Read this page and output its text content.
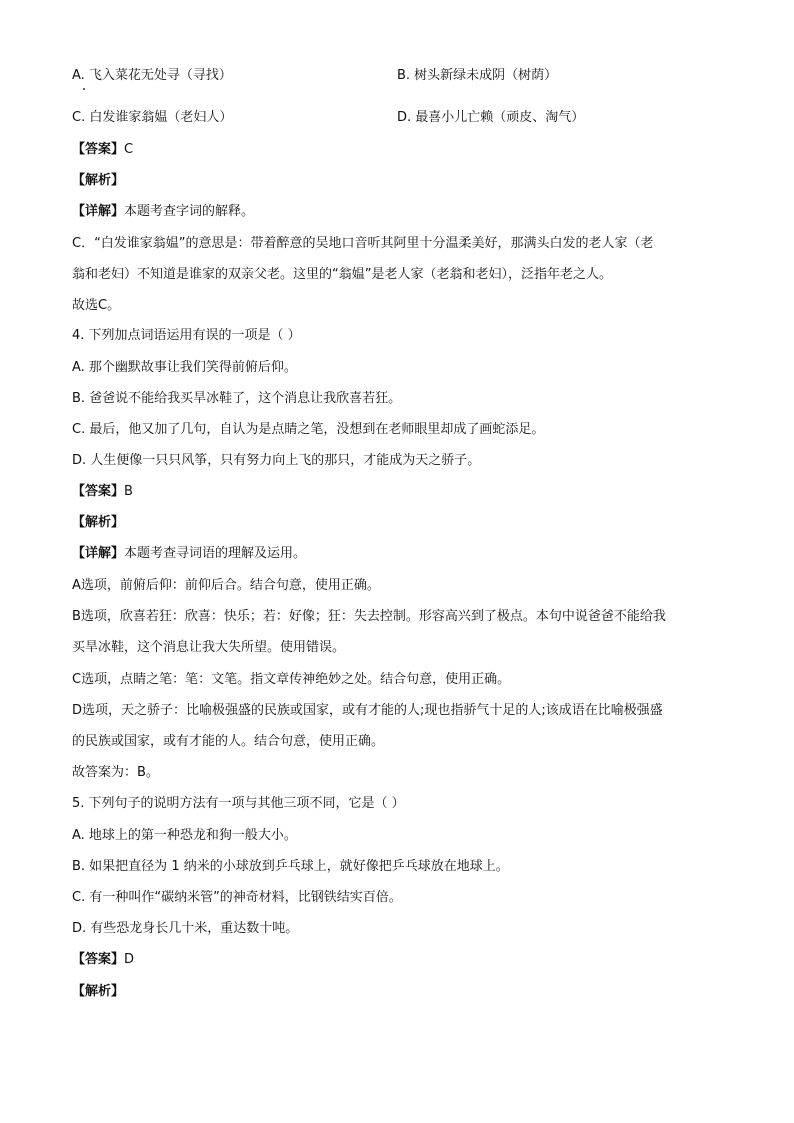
A. 飞入菜花无处寻（寻找）	B. 树头新绿未成阴（树荫）
C. 白发谁家翁媪（老妇人）	D. 最喜小儿亡赖（顽皮、淘气）
【答案】C
【解析】
【详解】本题考查字词的解释。
C．“白发谁家翁媪”的意思是：带着醉意的吴地口音听其阿里十分温柔美好，那满头白发的老人家（老
翁和老妇）不知道是谁家的双亲父老。这里的“翁媪”是老人家（老翁和老妇），泛指年老之人。
故选C。
4. 下列加点词语运用有误的一项是（ ）
A. 那个幽默故事让我们笑得前俯后仰。
B. 爸爸说不能给我买旱冰鞋了，这个消息让我欣喜若狂。
C. 最后，他又加了几句，自认为是点睛之笔，没想到在老师眼里却成了画蛇添足。
D. 人生便像一只只风筝，只有努力向上飞的那只，才能成为天之骄子。
【答案】B
【解析】
【详解】本题考查寻词语的理解及运用。
A选项，前俯后仰：前仰后合。结合句意，使用正确。
B选项，欣喜若狂：欣喜：快乐；若：好像；狂：失去控制。形容高兴到了极点。本句中说爸爸不能给我
买旱冰鞋，这个消息让我大失所望。使用错误。
C选项，点睛之笔：笔：文笔。指文章传神绝妙之处。结合句意，使用正确。
D选项，天之骄子：比喻极强盛的民族或国家，或有才能的人;现也指骄气十足的人;该成语在比喻极强盛
的民族或国家，或有才能的人。结合句意，使用正确。
故答案为：B。
5. 下列句子的说明方法有一项与其他三项不同，它是（ ）
A. 地球上的第一种恐龙和狗一般大小。
B. 如果把直径为 1 纳米的小球放到乒乓球上，就好像把乒乓球放在地球上。
C. 有一种叫作“碳纳米管”的神奇材料，比钢铁结实百倍。
D. 有些恐龙身长几十米，重达数十吨。
【答案】D
【解析】
